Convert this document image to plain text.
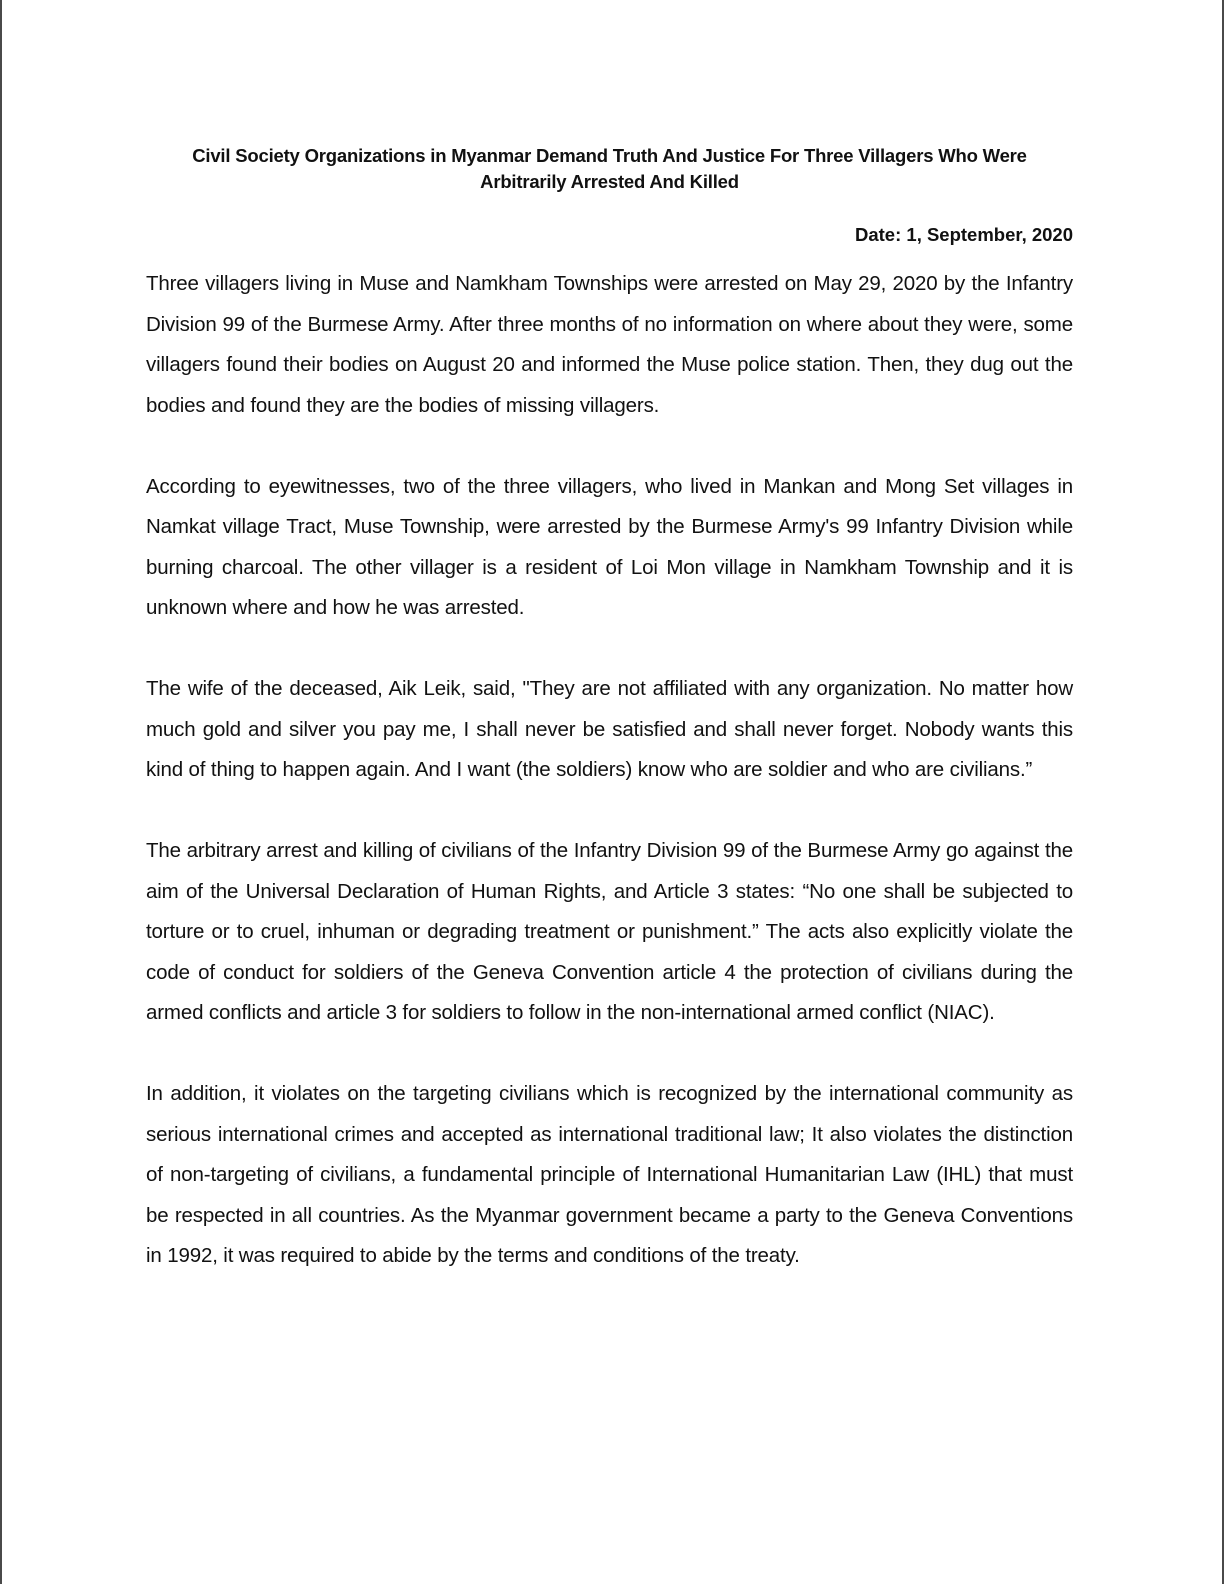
Civil Society Organizations in Myanmar Demand Truth And Justice For Three Villagers Who Were Arbitrarily Arrested And Killed
Date: 1, September, 2020

Three villagers living in Muse and Namkham Townships were arrested on May 29, 2020 by the Infantry Division 99 of the Burmese Army. After three months of no information on where about they were, some villagers found their bodies on August 20 and informed the Muse police station. Then, they dug out the bodies and found they are the bodies of missing villagers.

According to eyewitnesses, two of the three villagers, who lived in Mankan and Mong Set villages in Namkat village Tract, Muse Township, were arrested by the Burmese Army's 99 Infantry Division while burning charcoal. The other villager is a resident of Loi Mon village in Namkham Township and it is unknown where and how he was arrested.

The wife of the deceased, Aik Leik, said, "They are not affiliated with any organization. No matter how much gold and silver you pay me, I shall never be satisfied and shall never forget. Nobody wants this kind of thing to happen again. And I want (the soldiers) know who are soldier and who are civilians.”

The arbitrary arrest and killing of civilians of the Infantry Division 99 of the Burmese Army go against the aim of the Universal Declaration of Human Rights, and Article 3 states: “No one shall be subjected to torture or to cruel, inhuman or degrading treatment or punishment.” The acts also explicitly violate the code of conduct for soldiers of the Geneva Convention article 4 the protection of civilians during the armed conflicts and article 3 for soldiers to follow in the non-international armed conflict (NIAC).

In addition, it violates on the targeting civilians which is recognized by the international community as serious international crimes and accepted as international traditional law; It also violates the distinction of non-targeting of civilians, a fundamental principle of International Humanitarian Law (IHL) that must be respected in all countries. As the Myanmar government became a party to the Geneva Conventions in 1992, it was required to abide by the terms and conditions of the treaty.
